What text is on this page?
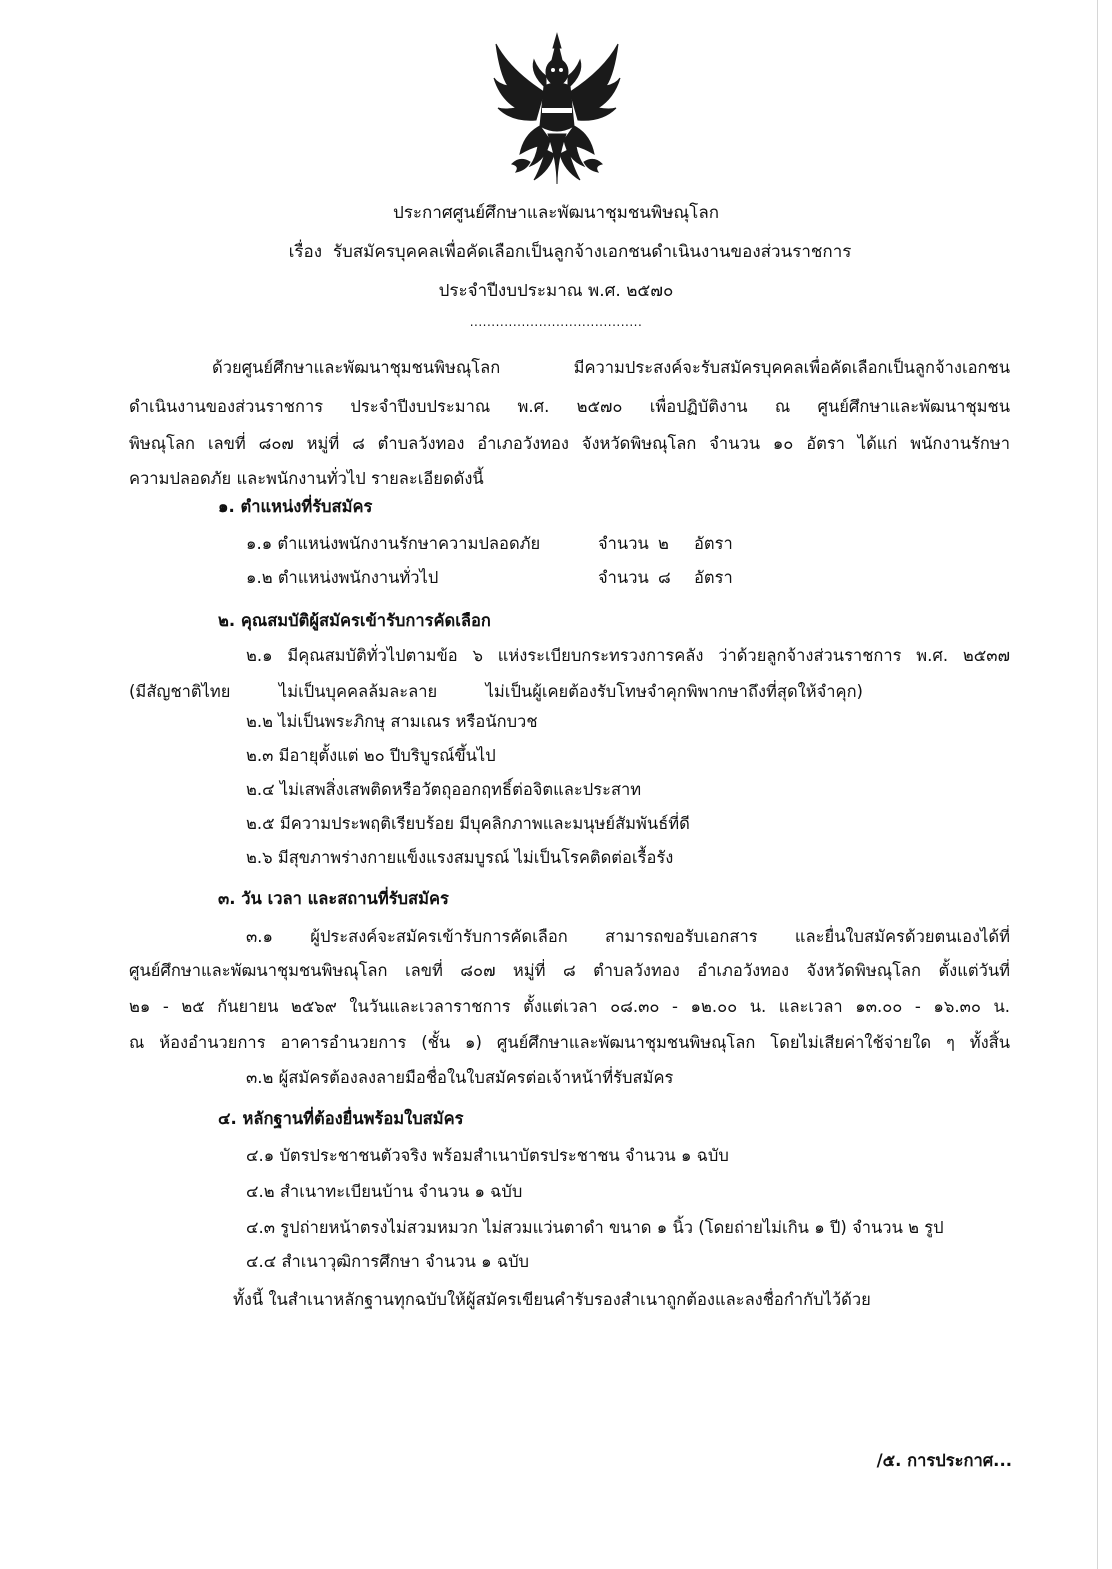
ประกาศศูนย์ศึกษาและพัฒนาชุมชนพิษณุโลก
เรื่อง รับสมัครบุคคลเพื่อคัดเลือกเป็นลูกจ้างเอกชนดำเนินงานของส่วนราชการ
ประจำปีงบประมาณ พ.ศ. ๒๕๗๐
........................................
ด้วยศูนย์ศึกษาและพัฒนาชุมชนพิษณุโลก มีความประสงค์จะรับสมัครบุคคลเพื่อคัดเลือกเป็นลูกจ้างเอกชน
ดำเนินงานของส่วนราชการ ประจำปีงบประมาณ พ.ศ. ๒๕๗๐ เพื่อปฏิบัติงาน ณ ศูนย์ศึกษาและพัฒนาชุมชน
พิษณุโลก เลขที่ ๘๐๗ หมู่ที่ ๘ ตำบลวังทอง อำเภอวังทอง จังหวัดพิษณุโลก จำนวน ๑๐ อัตรา ได้แก่ พนักงานรักษา
ความปลอดภัย และพนักงานทั่วไป รายละเอียดดังนี้
๑. ตำแหน่งที่รับสมัคร
๑.๑ ตำแหน่งพนักงานรักษาความปลอดภัย	จำนวน ๒ อัตรา
๑.๒ ตำแหน่งพนักงานทั่วไป	จำนวน ๘ อัตรา
๒. คุณสมบัติผู้สมัครเข้ารับการคัดเลือก
๒.๑ มีคุณสมบัติทั่วไปตามข้อ ๖ แห่งระเบียบกระทรวงการคลัง ว่าด้วยลูกจ้างส่วนราชการ พ.ศ. ๒๕๓๗
(มีสัญชาติไทย ไม่เป็นบุคคลล้มละลาย ไม่เป็นผู้เคยต้องรับโทษจำคุกพิพากษาถึงที่สุดให้จำคุก)
๒.๒ ไม่เป็นพระภิกษุ สามเณร หรือนักบวช
๒.๓ มีอายุตั้งแต่ ๒๐ ปีบริบูรณ์ขึ้นไป
๒.๔ ไม่เสพสิ่งเสพติดหรือวัตถุออกฤทธิ์ต่อจิตและประสาท
๒.๕ มีความประพฤติเรียบร้อย มีบุคลิกภาพและมนุษย์สัมพันธ์ที่ดี
๒.๖ มีสุขภาพร่างกายแข็งแรงสมบูรณ์ ไม่เป็นโรคติดต่อเรื้อรัง
๓. วัน เวลา และสถานที่รับสมัคร
๓.๑ ผู้ประสงค์จะสมัครเข้ารับการคัดเลือก สามารถขอรับเอกสาร และยื่นใบสมัครด้วยตนเองได้ที่
ศูนย์ศึกษาและพัฒนาชุมชนพิษณุโลก เลขที่ ๘๐๗ หมู่ที่ ๘ ตำบลวังทอง อำเภอวังทอง จังหวัดพิษณุโลก ตั้งแต่วันที่
๒๑ - ๒๕ กันยายน ๒๕๖๙ ในวันและเวลาราชการ ตั้งแต่เวลา ๐๘.๓๐ - ๑๒.๐๐ น. และเวลา ๑๓.๐๐ - ๑๖.๓๐ น.
ณ ห้องอำนวยการ อาคารอำนวยการ (ชั้น ๑) ศูนย์ศึกษาและพัฒนาชุมชนพิษณุโลก โดยไม่เสียค่าใช้จ่ายใด ๆ ทั้งสิ้น
๓.๒ ผู้สมัครต้องลงลายมือชื่อในใบสมัครต่อเจ้าหน้าที่รับสมัคร
๔. หลักฐานที่ต้องยื่นพร้อมใบสมัคร
๔.๑ บัตรประชาชนตัวจริง พร้อมสำเนาบัตรประชาชน จำนวน ๑ ฉบับ
๔.๒ สำเนาทะเบียนบ้าน จำนวน ๑ ฉบับ
๔.๓ รูปถ่ายหน้าตรงไม่สวมหมวก ไม่สวมแว่นตาดำ ขนาด ๑ นิ้ว (โดยถ่ายไม่เกิน ๑ ปี) จำนวน ๒ รูป
๔.๔ สำเนาวุฒิการศึกษา จำนวน ๑ ฉบับ
ทั้งนี้ ในสำเนาหลักฐานทุกฉบับให้ผู้สมัครเขียนคำรับรองสำเนาถูกต้องและลงชื่อกำกับไว้ด้วย
/๕. การประกาศ...
